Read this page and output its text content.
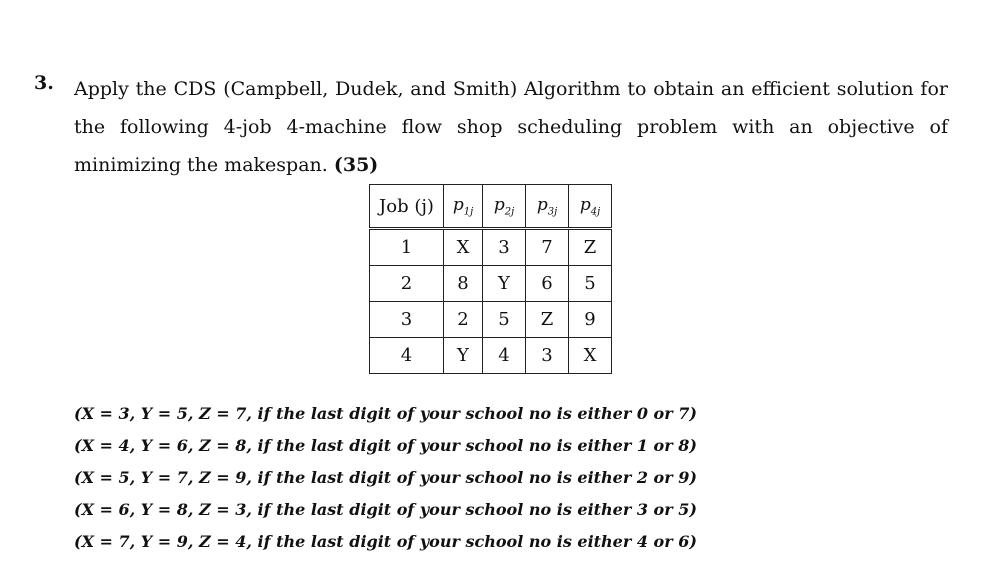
3. Apply the CDS (Campbell, Dudek, and Smith) Algorithm to obtain an efficient solution for the following 4-job 4-machine flow shop scheduling problem with an objective of minimizing the makespan. (35)
Job (j)	$p_{1j}$	$p_{2j}$	$p_{3j}$	$p_{4j}$
1	X	3	7	Z
2	8	Y	6	5
3	2	5	Z	9
4	Y	4	3	X
(X = 3, Y = 5, Z = 7, if the last digit of your school no is either 0 or 7)
(X = 4, Y = 6, Z = 8, if the last digit of your school no is either 1 or 8)
(X = 5, Y = 7, Z = 9, if the last digit of your school no is either 2 or 9)
(X = 6, Y = 8, Z = 3, if the last digit of your school no is either 3 or 5)
(X = 7, Y = 9, Z = 4, if the last digit of your school no is either 4 or 6)
